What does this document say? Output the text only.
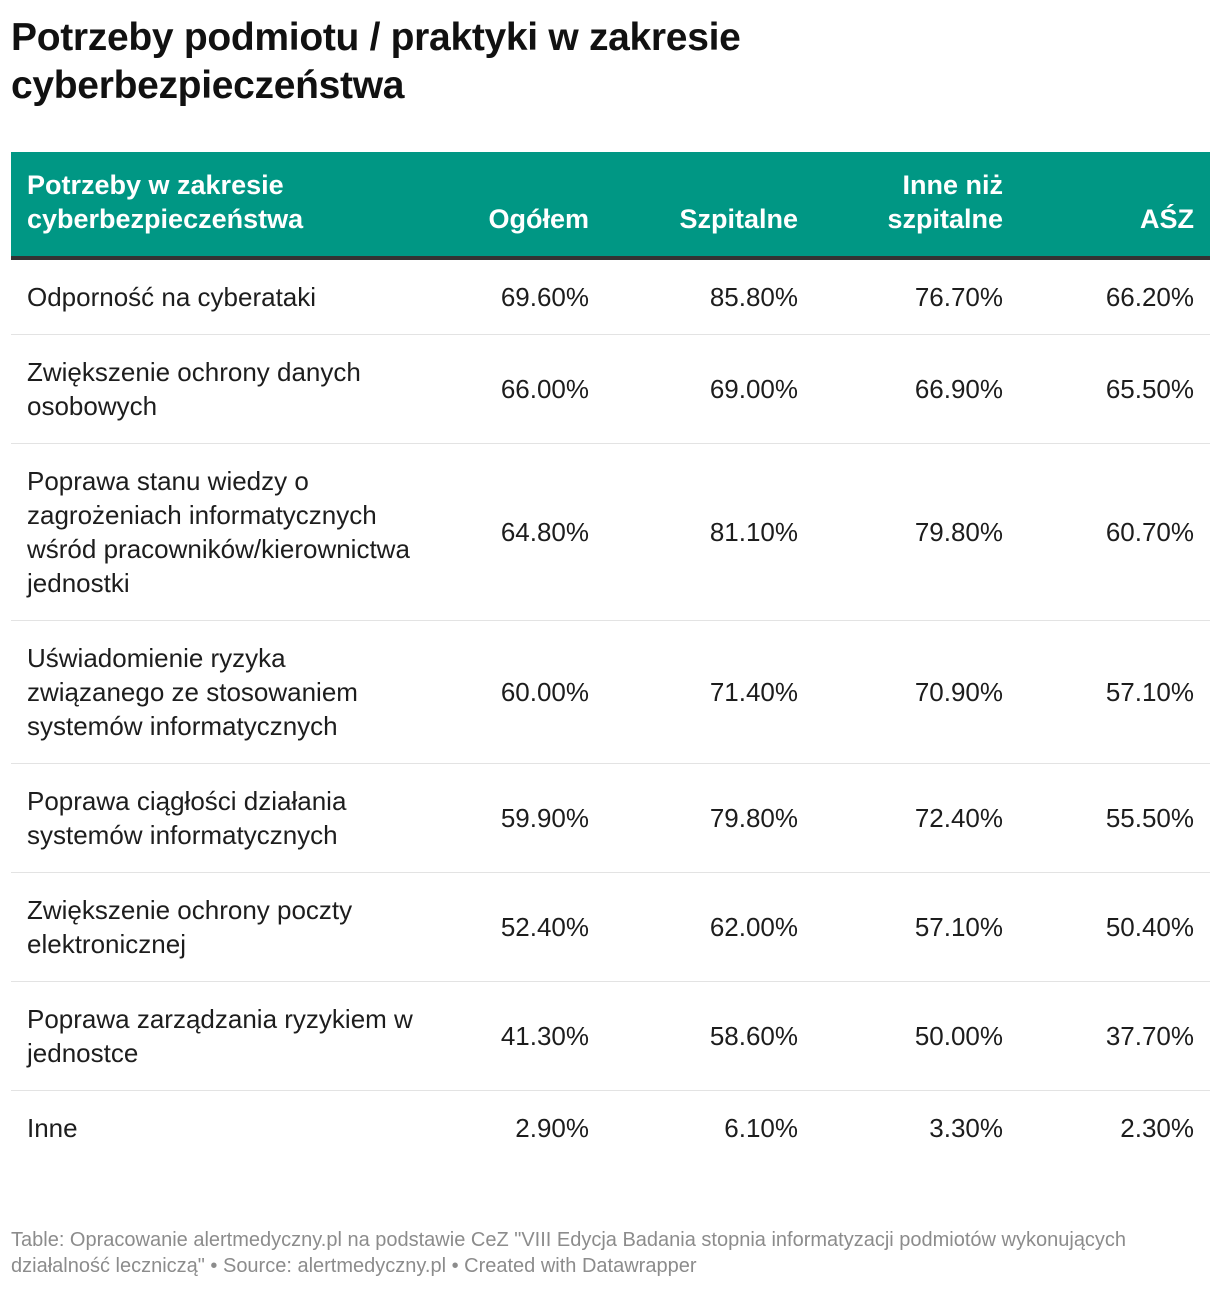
Potrzeby podmiotu / praktyki w zakresie cyberbezpieczeństwa
Potrzeby w zakresie cyberbezpieczeństwa	Ogółem	Szpitalne	Inne niż szpitalne	AŚZ
Odporność na cyberataki	69.60%	85.80%	76.70%	66.20%
Zwiększenie ochrony danych osobowych	66.00%	69.00%	66.90%	65.50%
Poprawa stanu wiedzy o zagrożeniach informatycznych wśród pracowników/kierownictwa jednostki	64.80%	81.10%	79.80%	60.70%
Uświadomienie ryzyka związanego ze stosowaniem systemów informatycznych	60.00%	71.40%	70.90%	57.10%
Poprawa ciągłości działania systemów informatycznych	59.90%	79.80%	72.40%	55.50%
Zwiększenie ochrony poczty elektronicznej	52.40%	62.00%	57.10%	50.40%
Poprawa zarządzania ryzykiem w jednostce	41.30%	58.60%	50.00%	37.70%
Inne	2.90%	6.10%	3.30%	2.30%
Table: Opracowanie alertmedyczny.pl na podstawie CeZ "VIII Edycja Badania stopnia informatyzacji podmiotów wykonujących działalność leczniczą" • Source: alertmedyczny.pl • Created with Datawrapper
